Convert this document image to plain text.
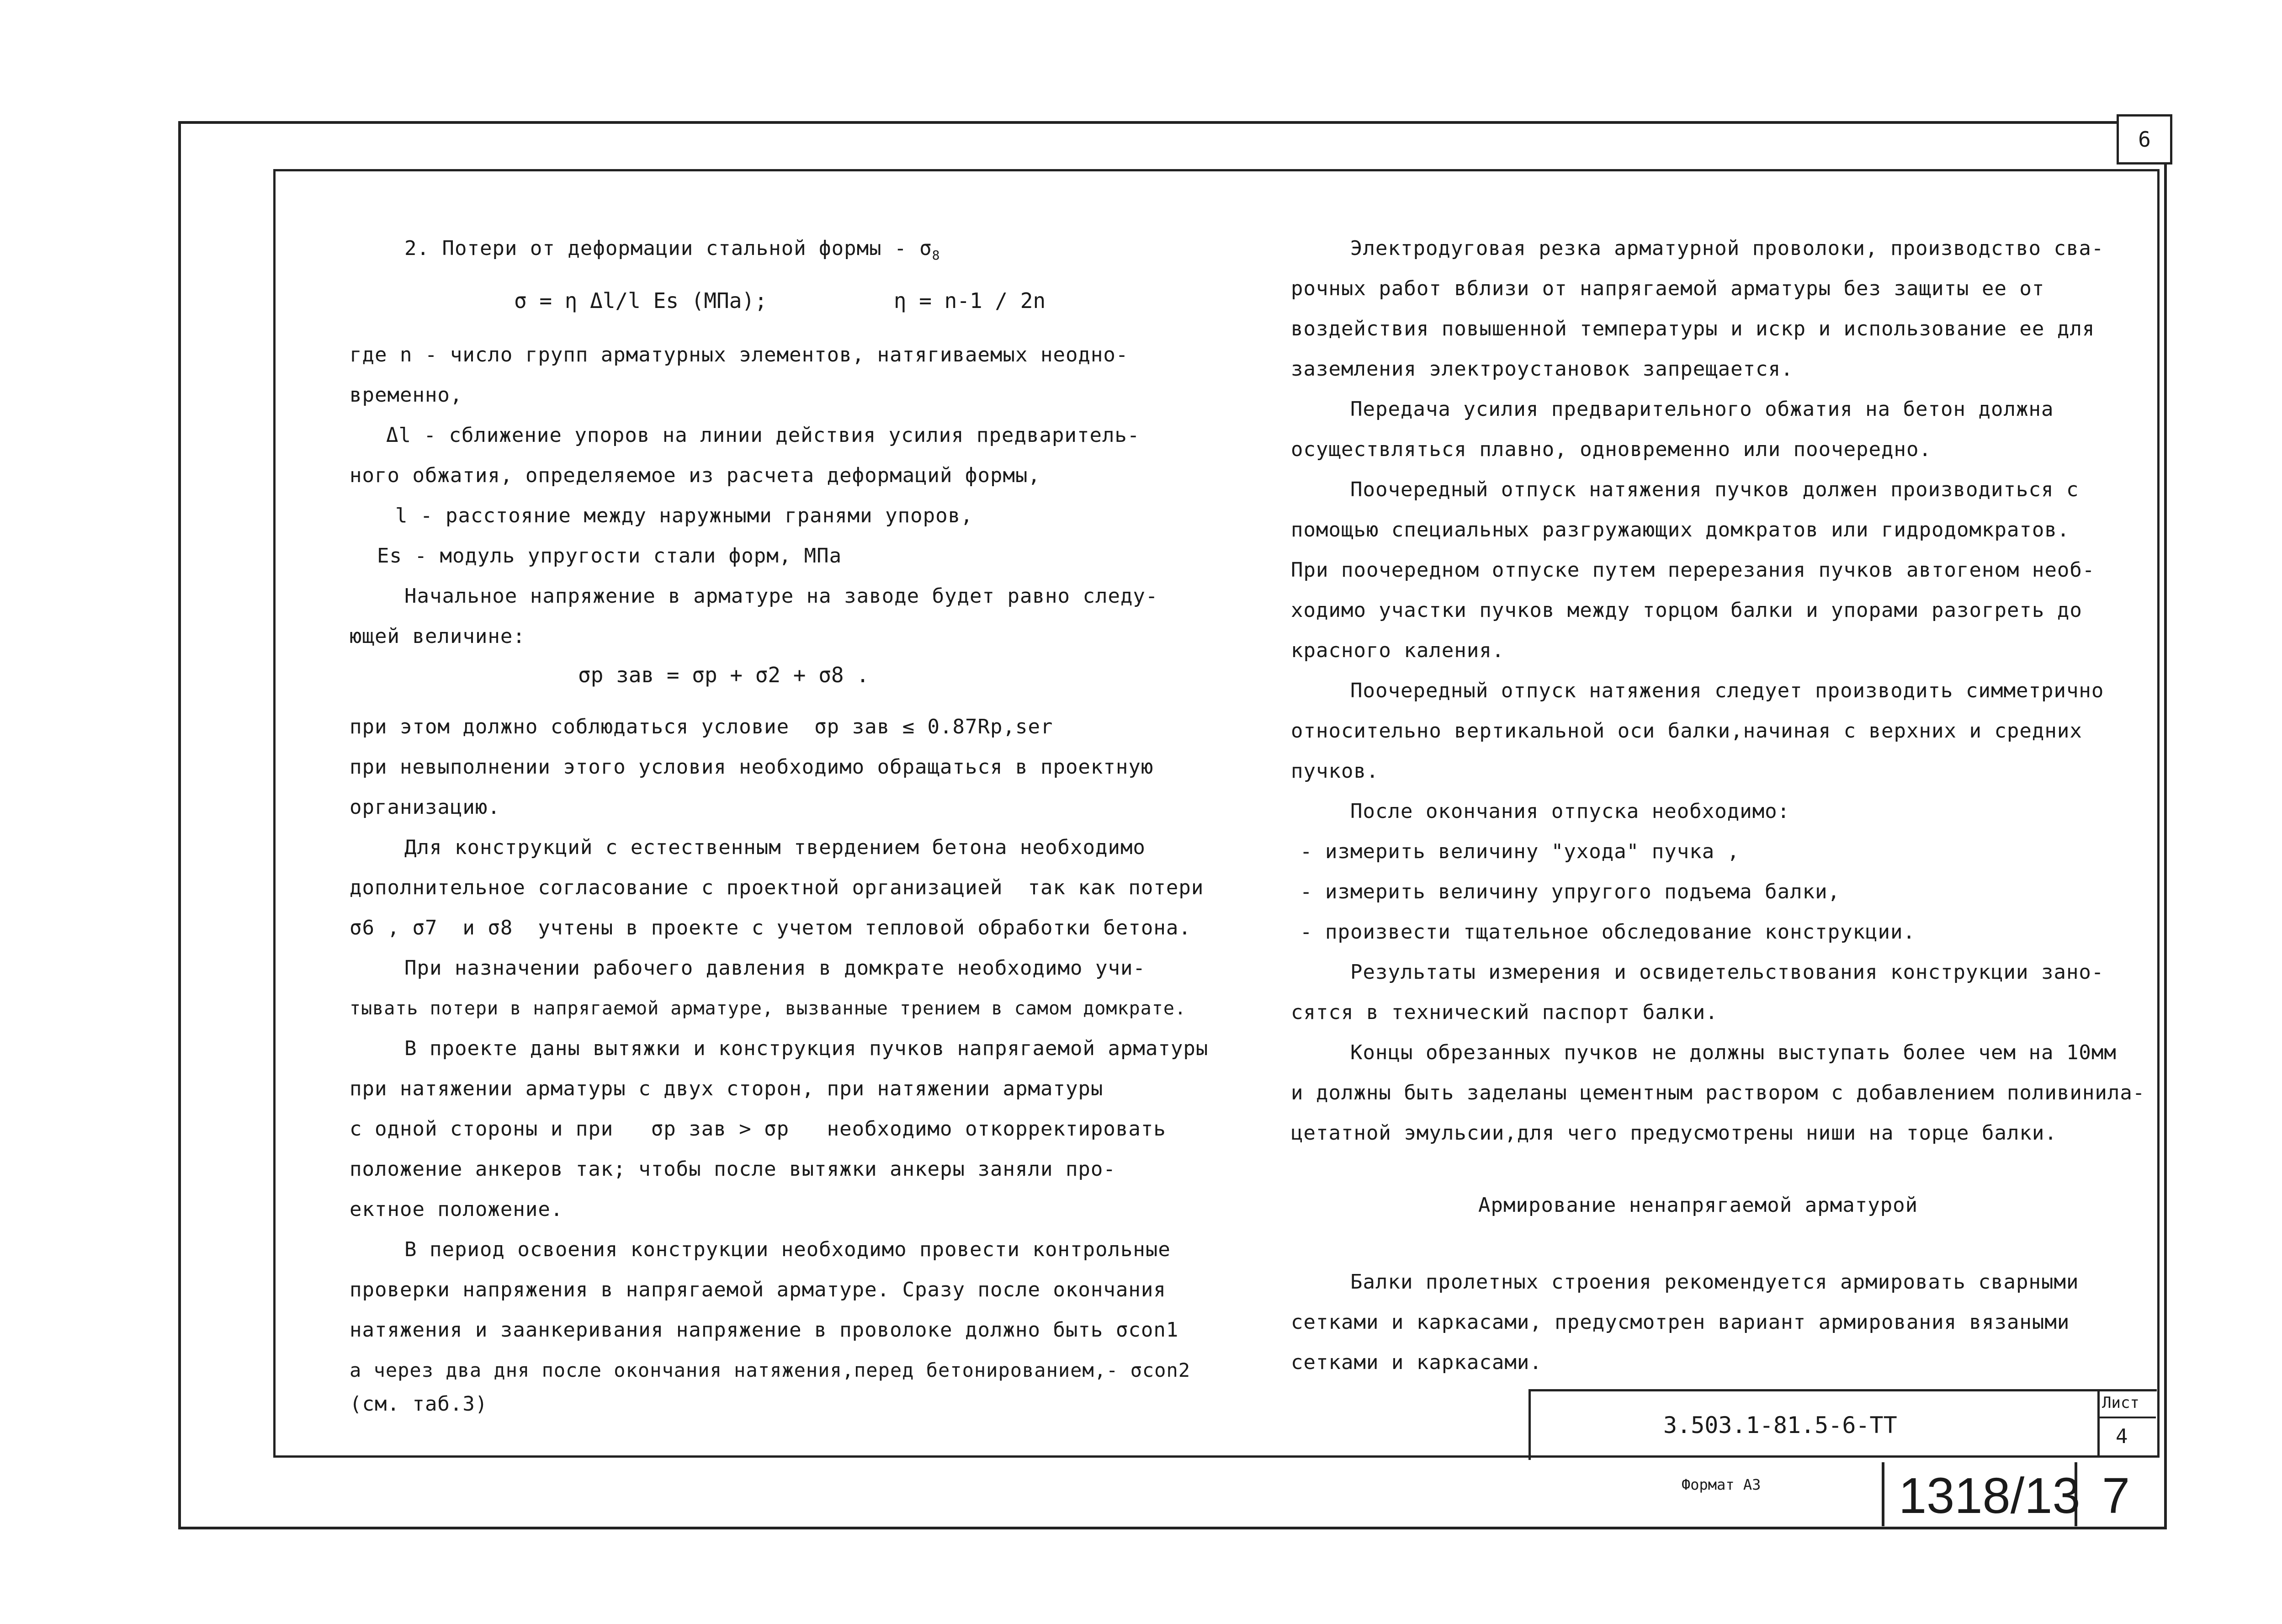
6
2. Потери от деформации стальной формы - $\sigma_8$
σ = η Δl/l Es (МПа);	η = n-1 / 2n
где n - число групп арматурных элементов, натягиваемых неодно-
временно,
Δl - сближение упоров на линии действия усилия предваритель-
ного обжатия, определяемое из расчета деформаций формы,
l - расстояние между наружными гранями упоров,
Es - модуль упругости стали форм, МПа
Начальное напряжение в арматуре на заводе будет равно следу-
ющей величине:
σp зав = σp + σ2 + σ8 .
при этом должно соблюдаться условие  σp зав ≤ 0.87Rp,ser
при невыполнении этого условия необходимо обращаться в проектную
организацию.
Для конструкций с естественным твердением бетона необходимо
дополнительное согласование с проектной организацией  так как потери
σ6 , σ7  и σ8  учтены в проекте с учетом тепловой обработки бетона.
При назначении рабочего давления в домкрате необходимо учи-
тывать потери в напрягаемой арматуре, вызванные трением в самом домкрате.
В проекте даны вытяжки и конструкция пучков напрягаемой арматуры
при натяжении арматуры с двух сторон, при натяжении арматуры
с одной стороны и при   σp зав > σp   необходимо откорректировать
положение анкеров так; чтобы после вытяжки анкеры заняли про-
ектное положение.
В период освоения конструкции необходимо провести контрольные
проверки напряжения в напрягаемой арматуре. Сразу после окончания
натяжения и заанкеривания напряжение в проволоке должно быть σcon1
а через два дня после окончания натяжения,перед бетонированием,- σcon2
(см. таб.3)
Электродуговая резка арматурной проволоки, производство сва-
рочных работ вблизи от напрягаемой арматуры без защиты ее от
воздействия повышенной температуры и искр и использование ее для
заземления электроустановок запрещается.
Передача усилия предварительного обжатия на бетон должна
осуществляться плавно, одновременно или поочередно.
Поочередный отпуск натяжения пучков должен производиться с
помощью специальных разгружающих домкратов или гидродомкратов.
При поочередном отпуске путем перерезания пучков автогеном необ-
ходимо участки пучков между торцом балки и упорами разогреть до
красного каления.
Поочередный отпуск натяжения следует производить симметрично
относительно вертикальной оси балки,начиная с верхних и средних
пучков.
После окончания отпуска необходимо:
- измерить величину "ухода" пучка ,
- измерить величину упругого подъема балки,
- произвести тщательное обследование конструкции.
Результаты измерения и освидетельствования конструкции зано-
сятся в технический паспорт балки.
Концы обрезанных пучков не должны выступать более чем на 10мм
и должны быть заделаны цементным раствором с добавлением поливинила-
цетатной эмульсии,для чего предусмотрены ниши на торце балки.
Армирование ненапрягаемой арматурой
Балки пролетных строения рекомендуется армировать сварными
сетками и каркасами, предусмотрен вариант армирования вязаными
сетками и каркасами.
3.503.1-81.5-6-ТТ
Лист
4
Формат А3	1318/13 7
